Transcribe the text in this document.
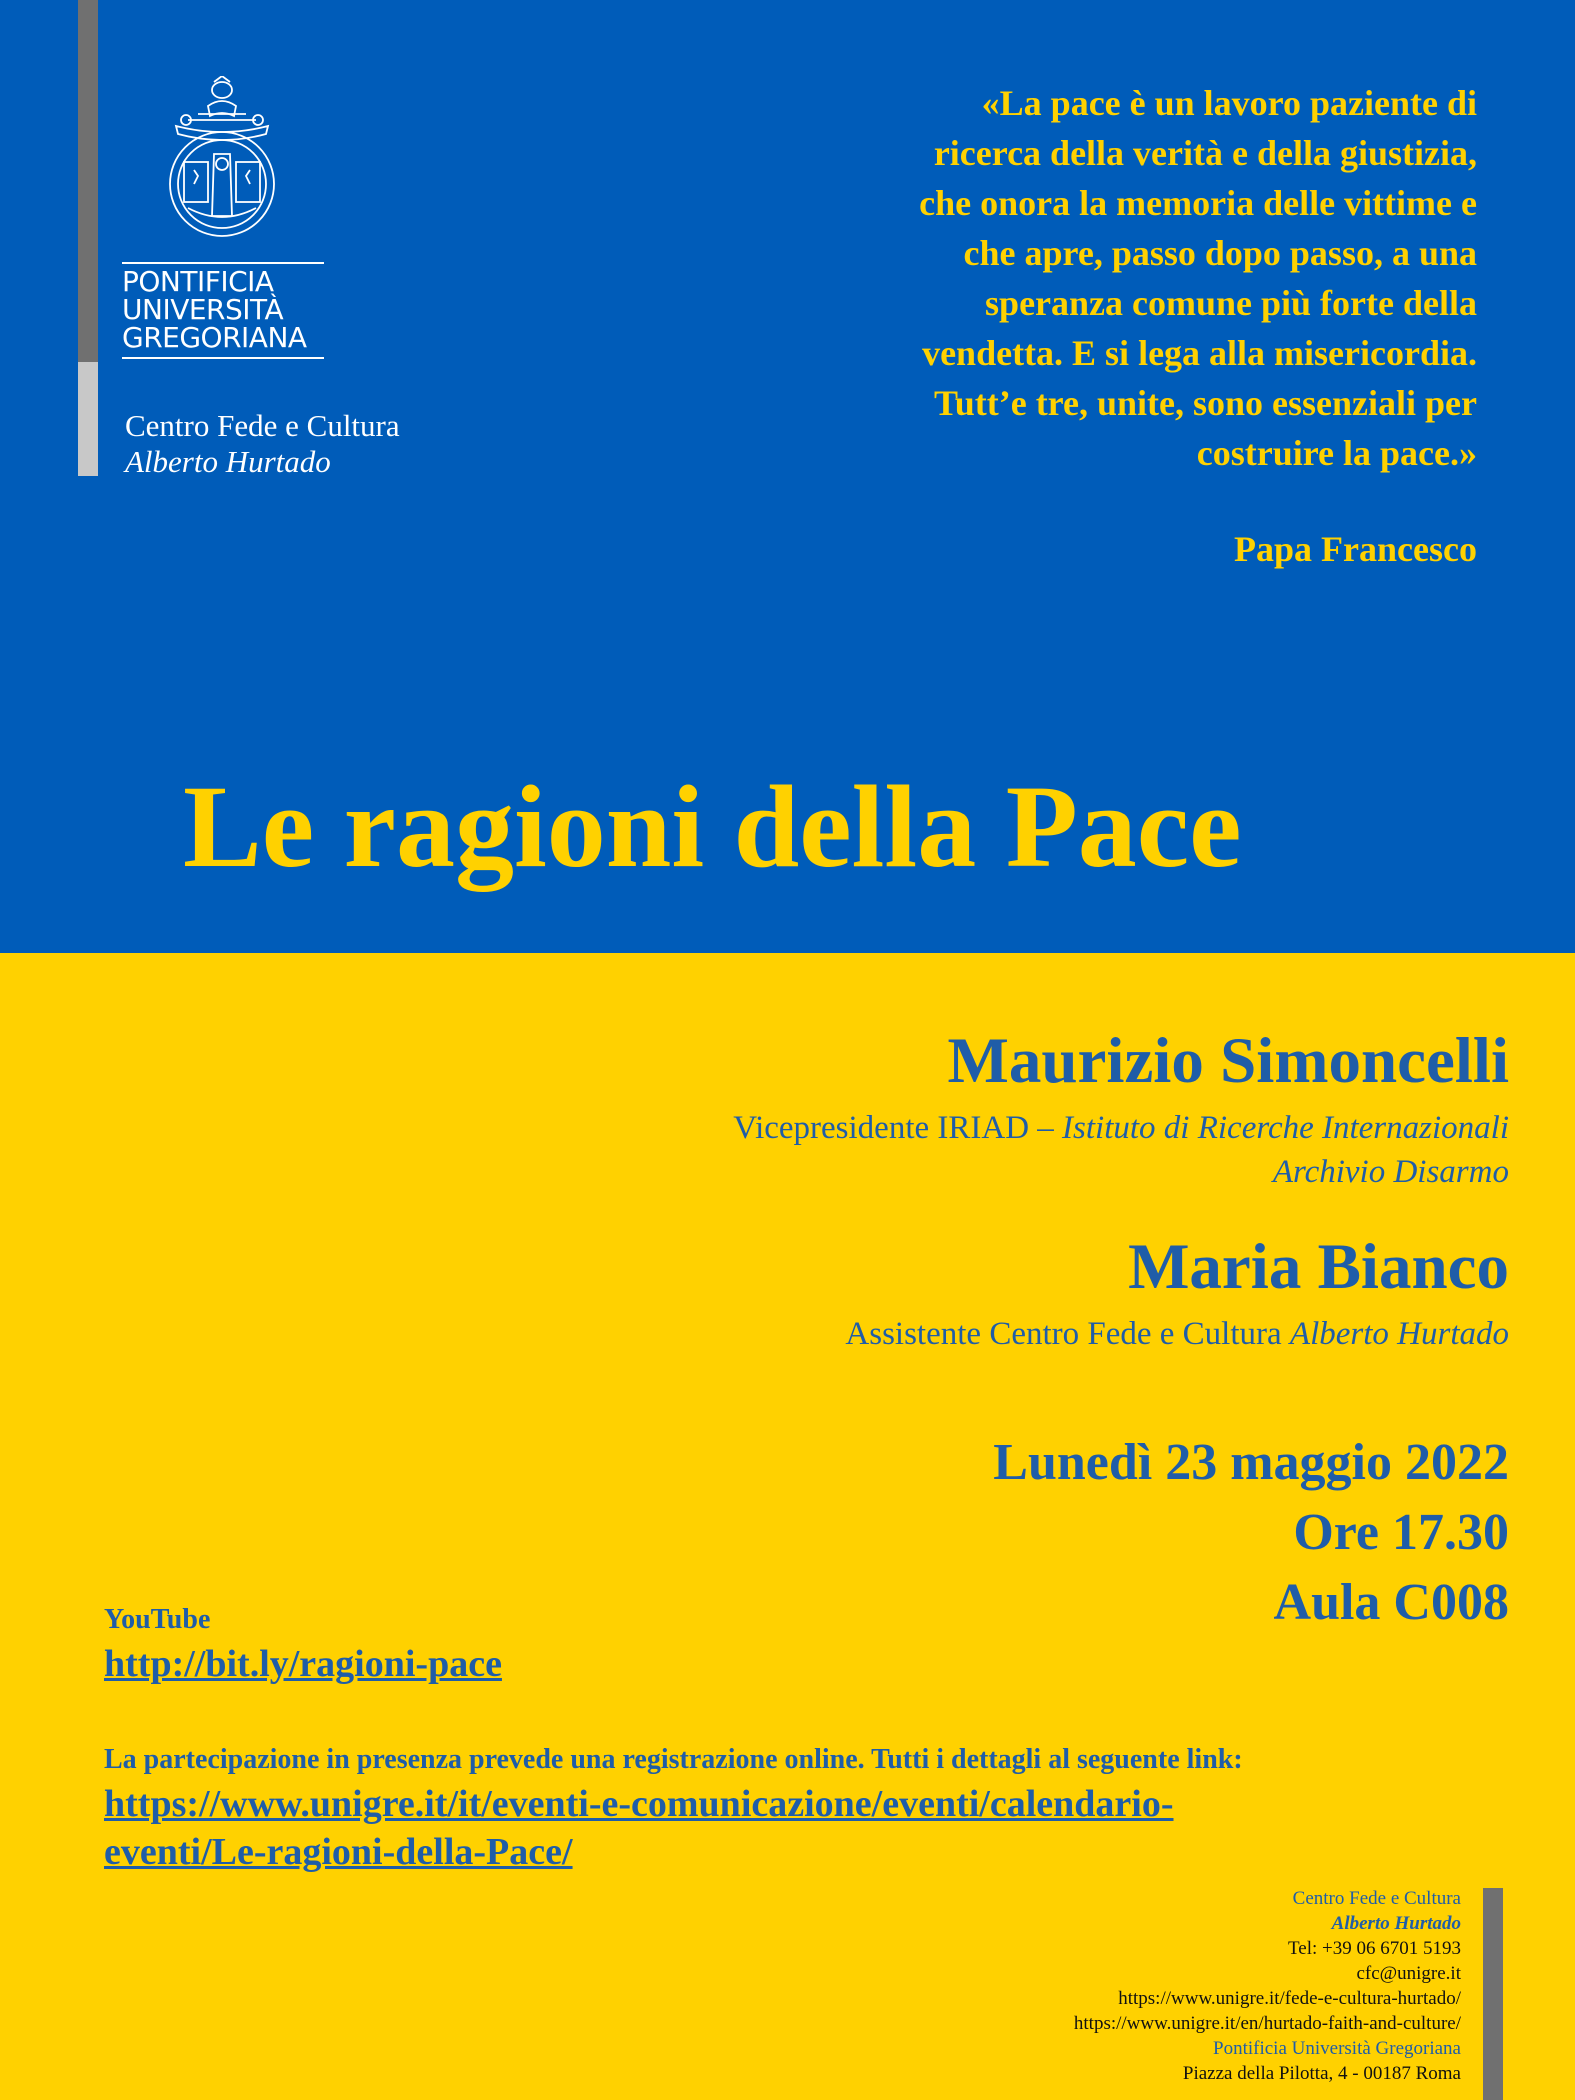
PONTIFICIA
UNIVERSITÀ
GREGORIANA
Centro Fede e Cultura
Alberto Hurtado
«La pace è un lavoro paziente di
ricerca della verità e della giustizia,
che onora la memoria delle vittime e
che apre, passo dopo passo, a una
speranza comune più forte della
vendetta. E si lega alla misericordia.
Tutt’e tre, unite, sono essenziali per
costruire la pace.»
Papa Francesco
Le ragioni della Pace
Maurizio Simoncelli
Vicepresidente IRIAD – Istituto di Ricerche Internazionali
Archivio Disarmo
Maria Bianco
Assistente Centro Fede e Cultura Alberto Hurtado
Lunedì 23 maggio 2022
Ore 17.30
Aula C008
YouTube
http://bit.ly/ragioni-pace
La partecipazione in presenza prevede una registrazione online. Tutti i dettagli al seguente link:
https://www.unigre.it/it/eventi-e-comunicazione/eventi/calendario-
eventi/Le-ragioni-della-Pace/
Centro Fede e Cultura
Alberto Hurtado
Tel: +39 06 6701 5193
cfc@unigre.it
https://www.unigre.it/fede-e-cultura-hurtado/
https://www.unigre.it/en/hurtado-faith-and-culture/
Pontificia Università Gregoriana
Piazza della Pilotta, 4 - 00187 Roma
